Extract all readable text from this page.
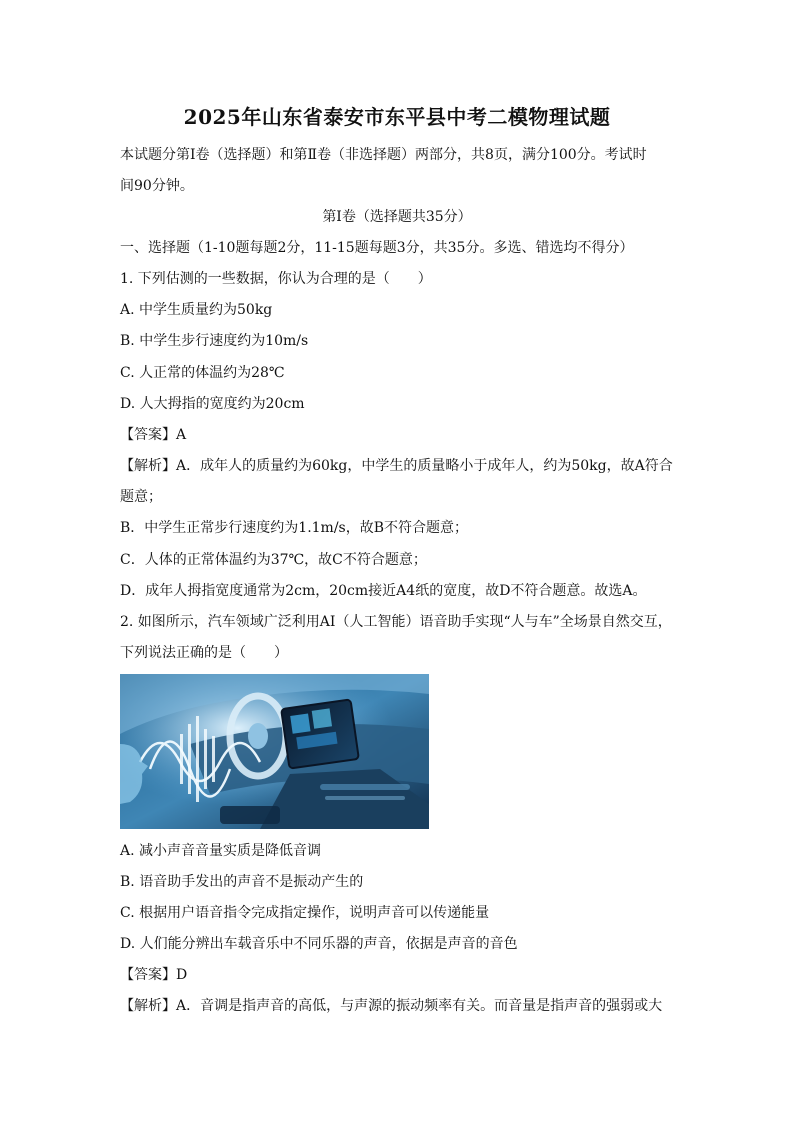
2025年山东省泰安市东平县中考二模物理试题
本试题分第Ⅰ卷（选择题）和第Ⅱ卷（非选择题）两部分，共8页，满分100分。考试时
间90分钟。
第Ⅰ卷（选择题共35分）
一、选择题（1-10题每题2分，11-15题每题3分，共35分。多选、错选均不得分）
1. 下列估测的一些数据，你认为合理的是（　　）
A. 中学生质量约为50kg
B. 中学生步行速度约为10m/s
C. 人正常的体温约为28℃
D. 人大拇指的宽度约为20cm
【答案】A
【解析】A．成年人的质量约为60kg，中学生的质量略小于成年人，约为50kg，故A符合
题意；
B．中学生正常步行速度约为1.1m/s，故B不符合题意；
C．人体的正常体温约为37℃，故C不符合题意；
D．成年人拇指宽度通常为2cm，20cm接近A4纸的宽度，故D不符合题意。故选A。
2. 如图所示，汽车领域广泛利用AI（人工智能）语音助手实现“人与车”全场景自然交互，
下列说法正确的是（　　）
A. 减小声音音量实质是降低音调
B. 语音助手发出的声音不是振动产生的
C. 根据用户语音指令完成指定操作，说明声音可以传递能量
D. 人们能分辨出车载音乐中不同乐器的声音，依据是声音的音色
【答案】D
【解析】A．音调是指声音的高低，与声源的振动频率有关。而音量是指声音的强弱或大
